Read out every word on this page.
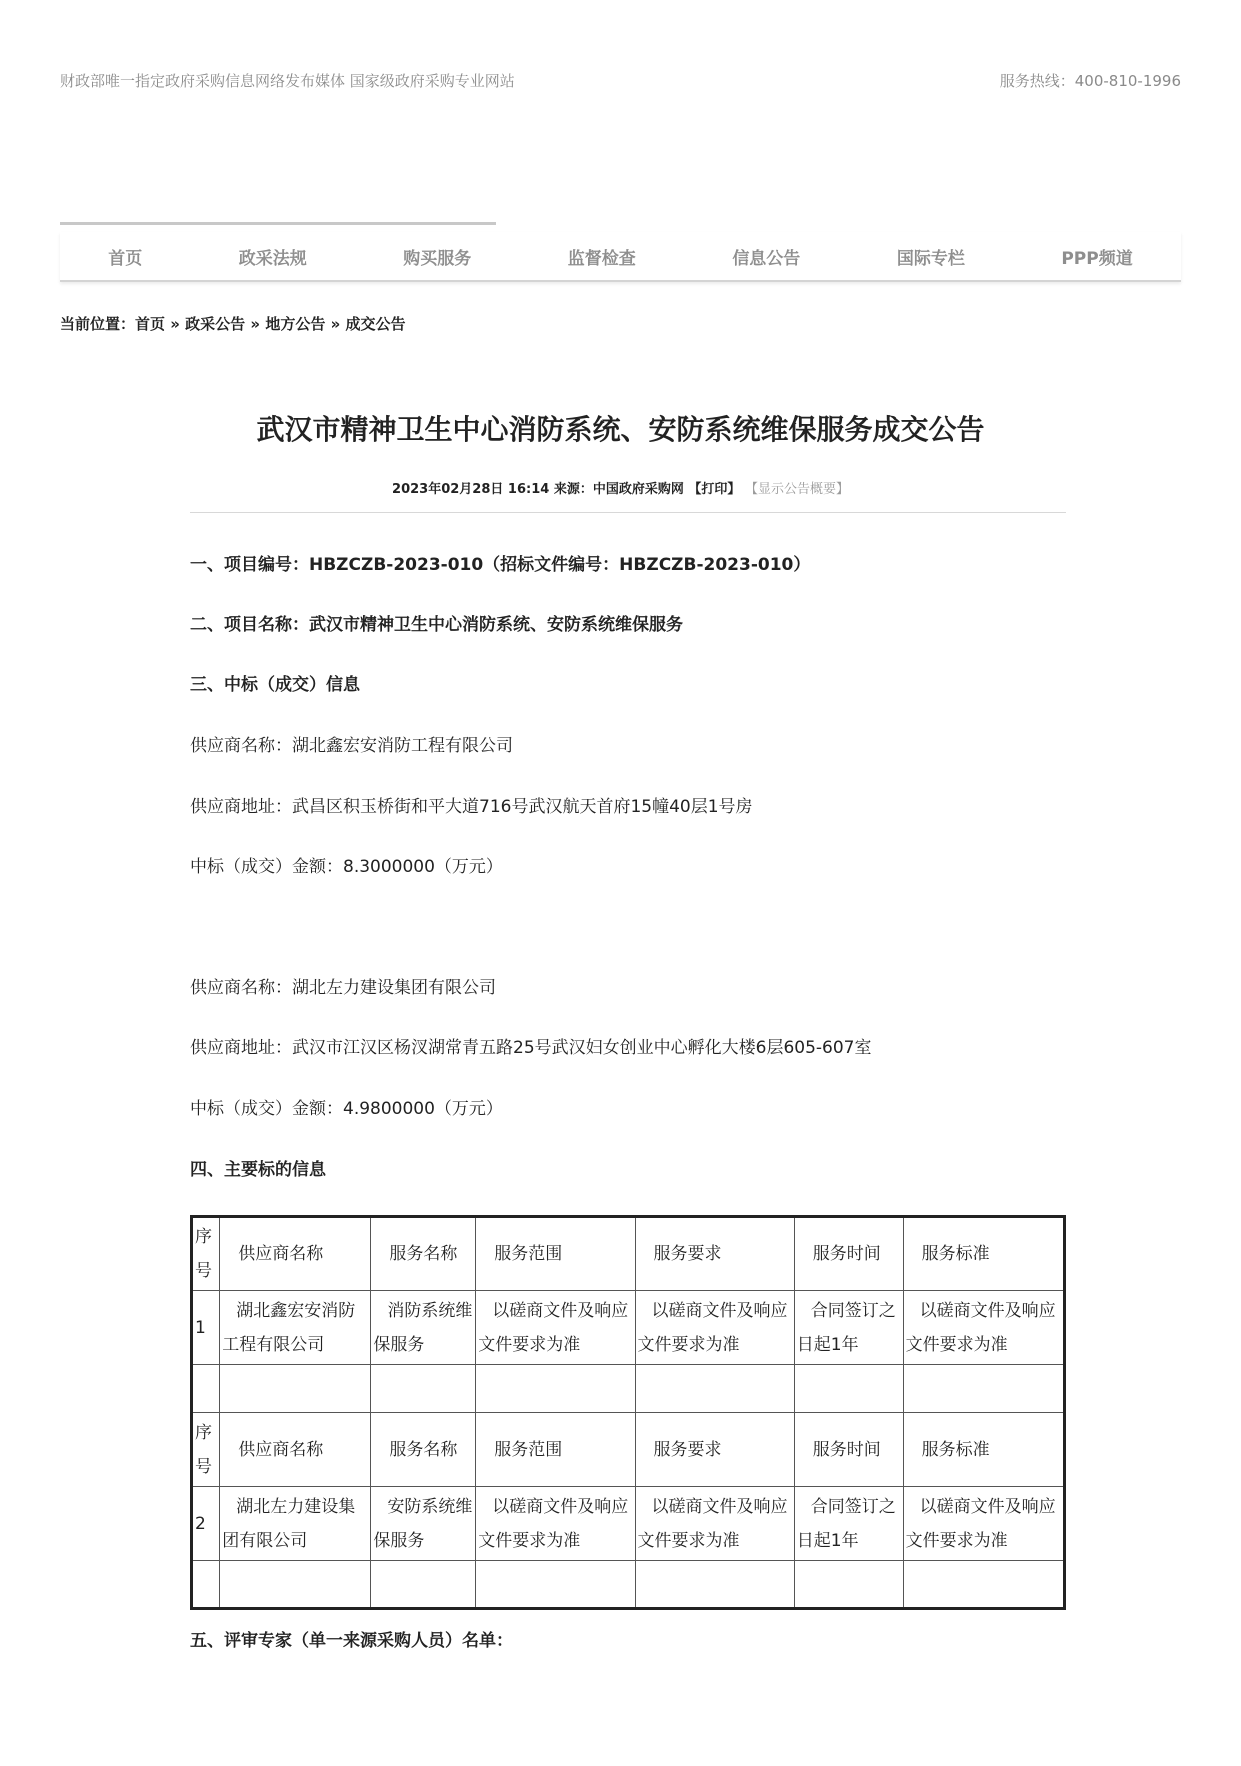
财政部唯一指定政府采购信息网络发布媒体 国家级政府采购专业网站	服务热线：400-810-1996
首页	政采法规	购买服务	监督检查	信息公告	国际专栏	PPP频道
当前位置：首页 » 政采公告 » 地方公告 » 成交公告
武汉市精神卫生中心消防系统、安防系统维保服务成交公告
2023年02月28日 16:14 来源：中国政府采购网 【打印】 【显示公告概要】
一、项目编号：HBZCZB-2023-010（招标文件编号：HBZCZB-2023-010）
二、项目名称：武汉市精神卫生中心消防系统、安防系统维保服务
三、中标（成交）信息
供应商名称：湖北鑫宏安消防工程有限公司
供应商地址：武昌区积玉桥街和平大道716号武汉航天首府15幢40层1号房
中标（成交）金额：8.3000000（万元）
供应商名称：湖北左力建设集团有限公司
供应商地址：武汉市江汉区杨汊湖常青五路25号武汉妇女创业中心孵化大楼6层605-607室
中标（成交）金额：4.9800000（万元）
四、主要标的信息
五、评审专家（单一来源采购人员）名单：
序号	供应商名称	服务名称	服务范围	服务要求	服务时间	服务标准
1	湖北鑫宏安消防工程有限公司	消防系统维保服务	以磋商文件及响应文件要求为准	以磋商文件及响应文件要求为准	合同签订之日起1年	以磋商文件及响应文件要求为准

序号	供应商名称	服务名称	服务范围	服务要求	服务时间	服务标准
2	湖北左力建设集团有限公司	安防系统维保服务	以磋商文件及响应文件要求为准	以磋商文件及响应文件要求为准	合同签订之日起1年	以磋商文件及响应文件要求为准
